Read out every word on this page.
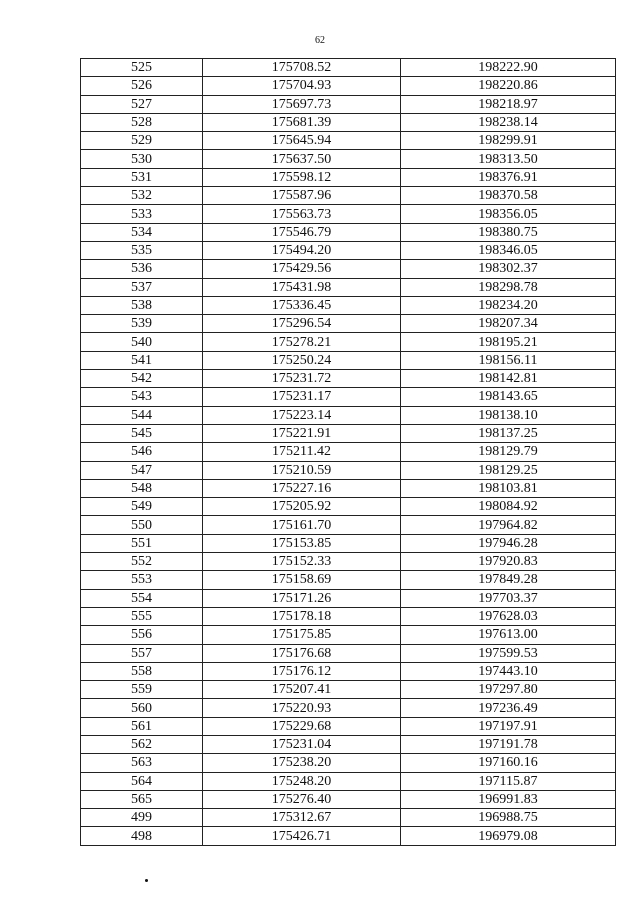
62
525	175708.52	198222.90
526	175704.93	198220.86
527	175697.73	198218.97
528	175681.39	198238.14
529	175645.94	198299.91
530	175637.50	198313.50
531	175598.12	198376.91
532	175587.96	198370.58
533	175563.73	198356.05
534	175546.79	198380.75
535	175494.20	198346.05
536	175429.56	198302.37
537	175431.98	198298.78
538	175336.45	198234.20
539	175296.54	198207.34
540	175278.21	198195.21
541	175250.24	198156.11
542	175231.72	198142.81
543	175231.17	198143.65
544	175223.14	198138.10
545	175221.91	198137.25
546	175211.42	198129.79
547	175210.59	198129.25
548	175227.16	198103.81
549	175205.92	198084.92
550	175161.70	197964.82
551	175153.85	197946.28
552	175152.33	197920.83
553	175158.69	197849.28
554	175171.26	197703.37
555	175178.18	197628.03
556	175175.85	197613.00
557	175176.68	197599.53
558	175176.12	197443.10
559	175207.41	197297.80
560	175220.93	197236.49
561	175229.68	197197.91
562	175231.04	197191.78
563	175238.20	197160.16
564	175248.20	197115.87
565	175276.40	196991.83
499	175312.67	196988.75
498	175426.71	196979.08
